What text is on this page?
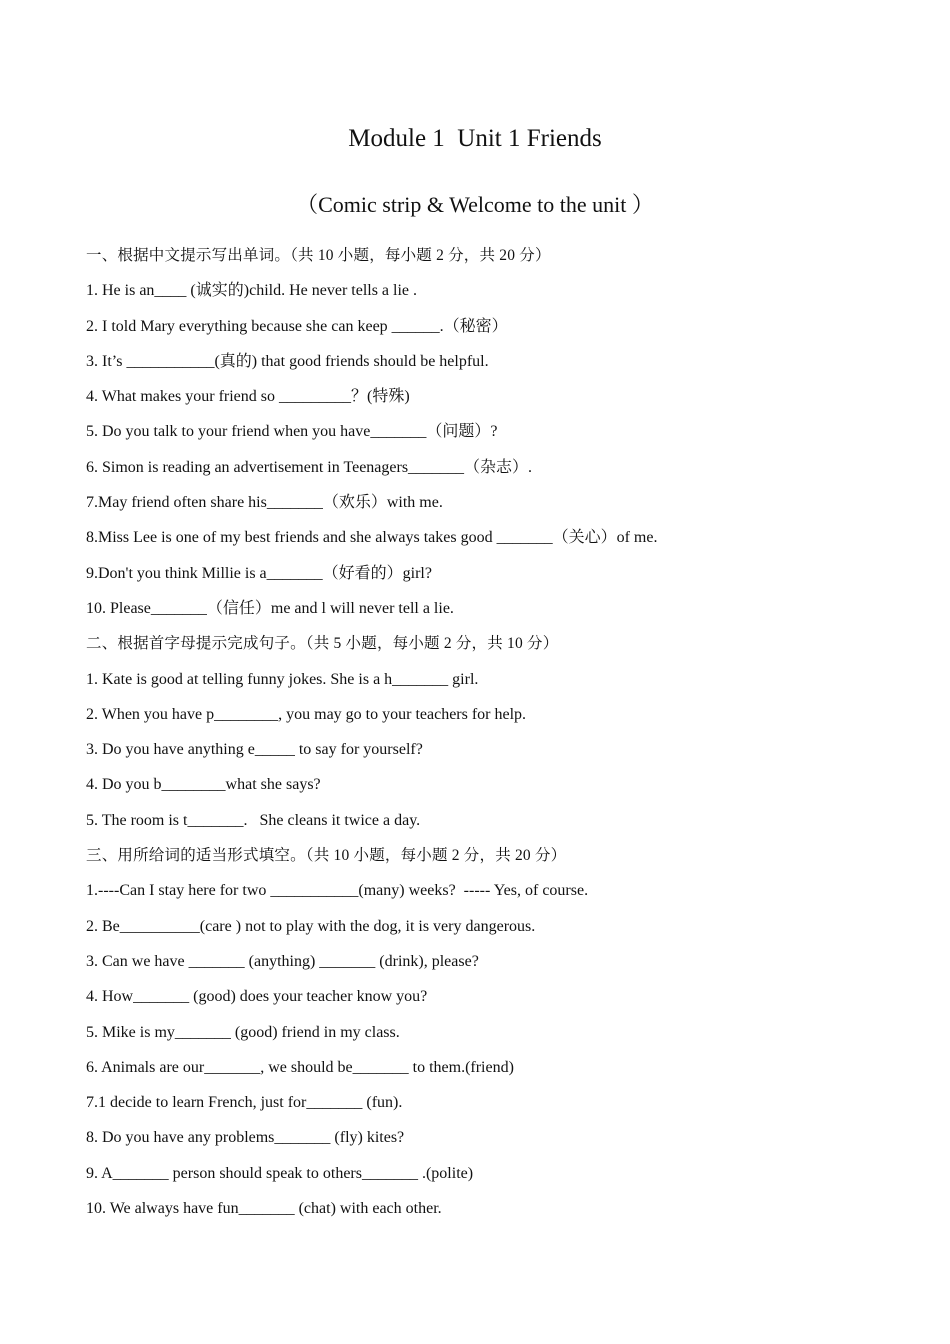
Module 1  Unit 1 Friends
（Comic strip & Welcome to the unit ）
一、根据中文提示写出单词。（共 10 小题，每小题 2 分，共 20 分）
1. He is an____ (诚实的)child. He never tells a lie .
2. I told Mary everything because she can keep ______.（秘密）
3. It’s ___________(真的) that good friends should be helpful.
4. What makes your friend so _________？(特殊)
5. Do you talk to your friend when you have_______（问题）?
6. Simon is reading an advertisement in Teenagers_______（杂志）.
7.May friend often share his_______（欢乐）with me.
8.Miss Lee is one of my best friends and she always takes good _______（关心）of me.
9.Don't you think Millie is a_______（好看的）girl?
10. Please_______（信任）me and l will never tell a lie.
二、根据首字母提示完成句子。（共 5 小题，每小题 2 分，共 10 分）
1. Kate is good at telling funny jokes. She is a h_______ girl.
2. When you have p________, you may go to your teachers for help.
3. Do you have anything e_____ to say for yourself?
4. Do you b________what she says?
5. The room is t_______.   She cleans it twice a day.
三、用所给词的适当形式填空。（共 10 小题，每小题 2 分，共 20 分）
1.----Can I stay here for two ___________(many) weeks?  ----- Yes, of course.
2. Be__________(care ) not to play with the dog, it is very dangerous.
3. Can we have _______ (anything) _______ (drink), please?
4. How_______ (good) does your teacher know you?
5. Mike is my_______ (good) friend in my class.
6. Animals are our_______, we should be_______ to them.(friend)
7.1 decide to learn French, just for_______ (fun).
8. Do you have any problems_______ (fly) kites?
9. A_______ person should speak to others_______ .(polite)
10. We always have fun_______ (chat) with each other.
